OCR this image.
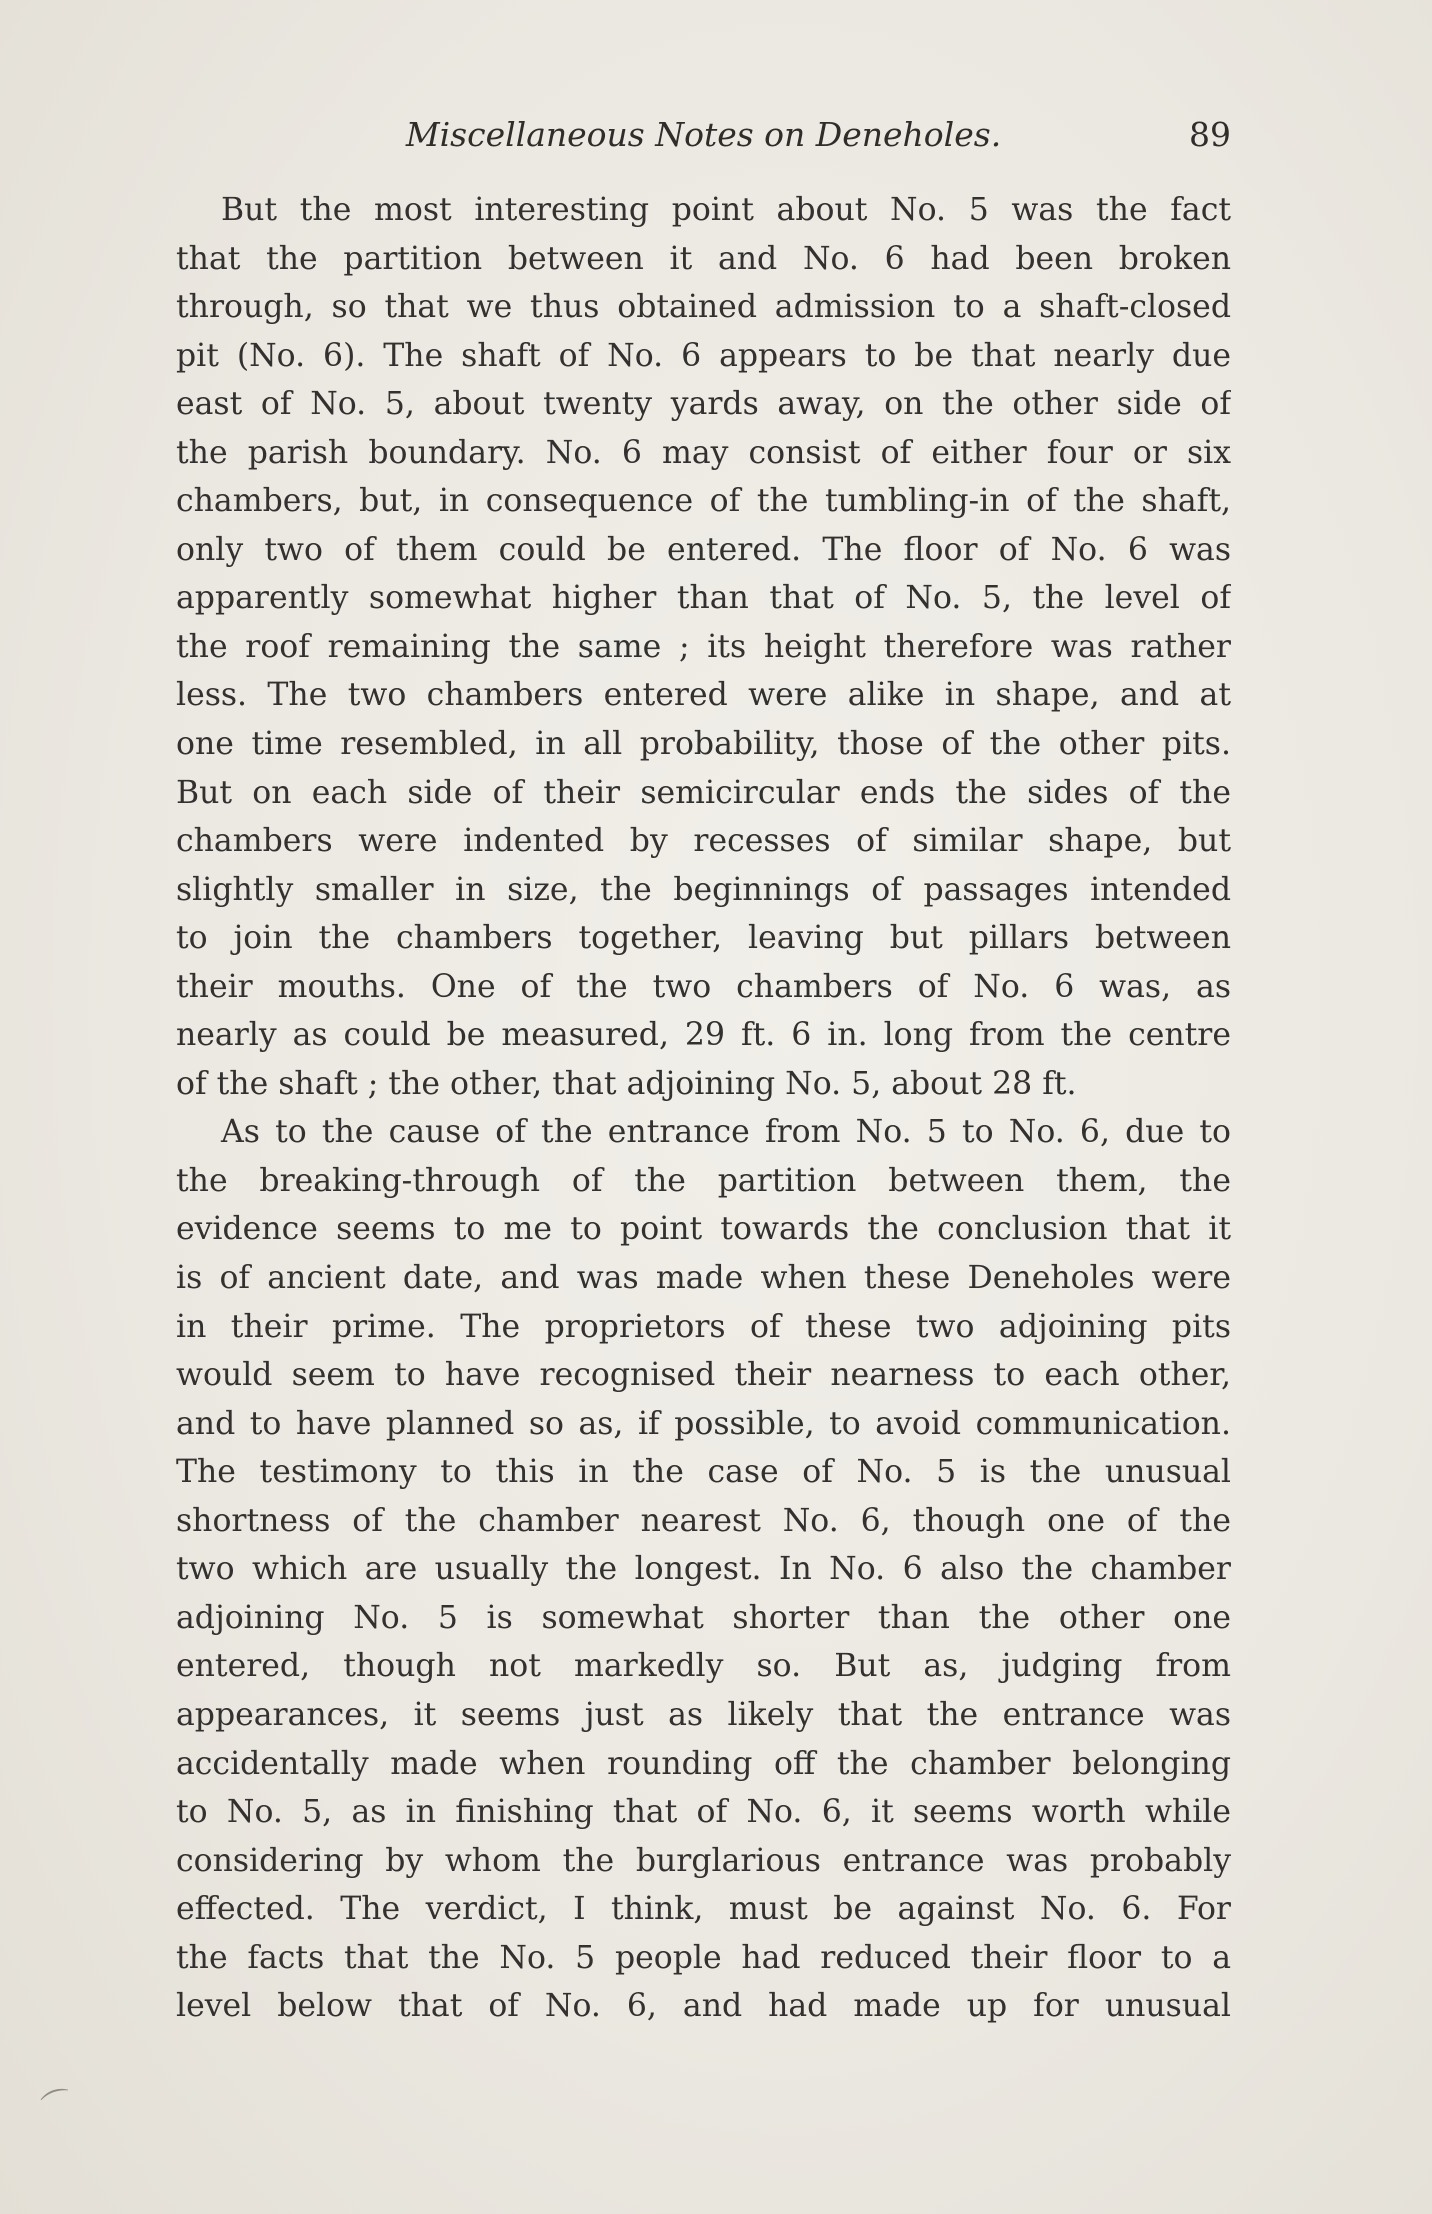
Miscellaneous Notes on Deneholes.	89
But the most interesting point about No. 5 was the fact
that the partition between it and No. 6 had been broken
through, so that we thus obtained admission to a shaft-closed
pit (No. 6). The shaft of No. 6 appears to be that nearly due
east of No. 5, about twenty yards away, on the other side of
the parish boundary. No. 6 may consist of either four or six
chambers, but, in consequence of the tumbling-in of the shaft,
only two of them could be entered. The floor of No. 6 was
apparently somewhat higher than that of No. 5, the level of
the roof remaining the same ; its height therefore was rather
less. The two chambers entered were alike in shape, and at
one time resembled, in all probability, those of the other pits.
But on each side of their semicircular ends the sides of the
chambers were indented by recesses of similar shape, but
slightly smaller in size, the beginnings of passages intended
to join the chambers together, leaving but pillars between
their mouths. One of the two chambers of No. 6 was, as
nearly as could be measured, 29 ft. 6 in. long from the centre
of the shaft ; the other, that adjoining No. 5, about 28 ft.
As to the cause of the entrance from No. 5 to No. 6, due to
the breaking-through of the partition between them, the
evidence seems to me to point towards the conclusion that it
is of ancient date, and was made when these Deneholes were
in their prime. The proprietors of these two adjoining pits
would seem to have recognised their nearness to each other,
and to have planned so as, if possible, to avoid communication.
The testimony to this in the case of No. 5 is the unusual
shortness of the chamber nearest No. 6, though one of the
two which are usually the longest. In No. 6 also the chamber
adjoining No. 5 is somewhat shorter than the other one
entered, though not markedly so. But as, judging from
appearances, it seems just as likely that the entrance was
accidentally made when rounding off the chamber belonging
to No. 5, as in finishing that of No. 6, it seems worth while
considering by whom the burglarious entrance was probably
effected. The verdict, I think, must be against No. 6. For
the facts that the No. 5 people had reduced their floor to a
level below that of No. 6, and had made up for unusual
⌒
